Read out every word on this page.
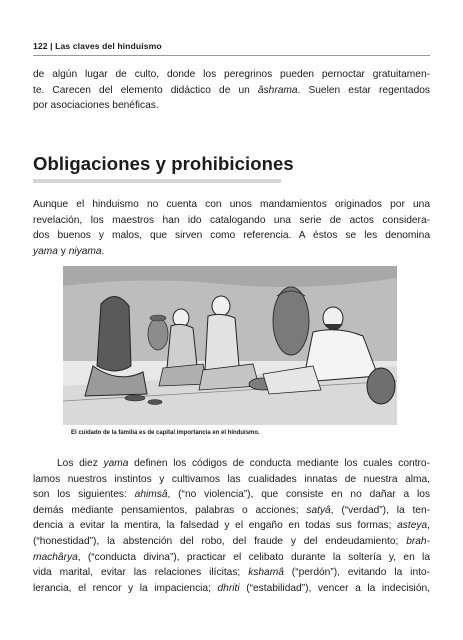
122 | Las claves del hinduismo
de algún lugar de culto, donde los peregrinos pueden pernoctar gratuitamen-
te. Carecen del elemento didáctico de un âshrama. Suelen estar regentados
por asociaciones benéficas.
Obligaciones y prohibiciones
Aunque el hinduismo no cuenta con unos mandamientos originados por una
revelación, los maestros han ido catalogando una serie de actos considera-
dos buenos y malos, que sirven como referencia. A éstos se les denomina
yama y niyama.
El cuidado de la familia es de capital importancia en el hinduismo.
Los diez yama definen los códigos de conducta mediante los cuales contro-
lamos nuestros instintos y cultivamos las cualidades innatas de nuestra alma,
son los siguientes: ahimsâ, (“no violencia”), que consiste en no dañar a los
demás mediante pensamientos, palabras o acciones; satyâ, (“verdad”), la ten-
dencia a evitar la mentira, la falsedad y el engaño en todas sus formas; asteya,
(“honestidad”), la abstención del robo, del fraude y del endeudamiento; brah-
machârya, (“conducta divina”), practicar el celibato durante la soltería y, en la
vida marital, evitar las relaciones ilícitas; kshamâ (“perdón”), evitando la into-
lerancia, el rencor y la impaciencia; dhriti (“estabilidad”), vencer a la indecisión,
